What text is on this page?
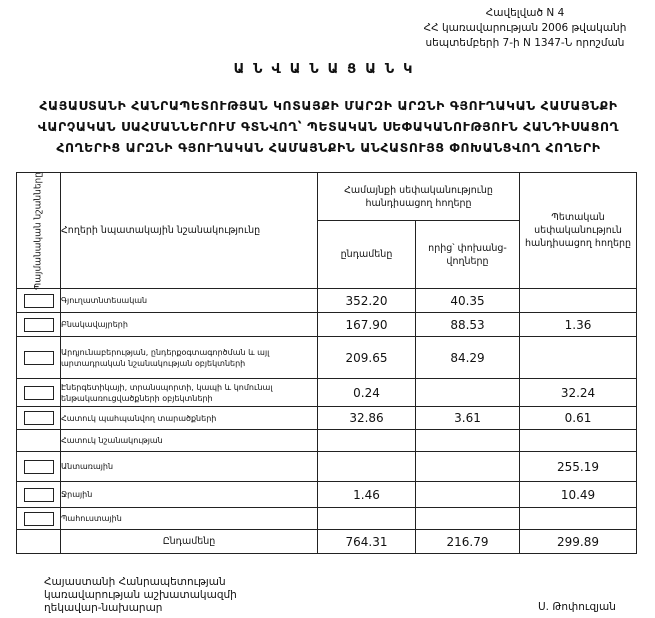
Հավելված N 4
ՀՀ կառավարության 2006 թվականի
սեպտեմբերի 7-ի N 1347-Ն որոշման
ԱՆՎԱՆԱՑԱՆԿ
ՀԱՅԱՍՏԱՆԻ ՀԱՆՐԱՊԵՏՈՒԹՅԱՆ ԿՈՏԱՅՔԻ ՄԱՐԶԻ ԱՐԶՆԻ ԳՅՈՒՂԱԿԱՆ ՀԱՄԱՅՆՔԻ
ՎԱՐՉԱԿԱՆ ՍԱՀՄԱՆՆԵՐՈՒՄ ԳՏՆՎՈՂ՝ ՊԵՏԱԿԱՆ ՍԵՓԱԿԱՆՈՒԹՅՈՒՆ ՀԱՆԴԻՍԱՑՈՂ
ՀՈՂԵՐԻՑ ԱՐԶՆԻ ԳՅՈՒՂԱԿԱՆ ՀԱՄԱՅՆՔԻՆ ԱՆՀԱՏՈՒՅՑ ՓՈԽԱՆՑՎՈՂ ՀՈՂԵՐԻ
Պայմանական նշանները	Հողերի նպատակային նշանակությունը	Համայնքի սեփականությունը հանդիսացող հողերը		Պետական սեփականություն հանդիսացող հողերը
		ընդամենը	որից՝ փոխանց-վողները	

	Գյուղատնտեսական	352.20	40.35	

	Բնակավայրերի	167.90	88.53	1.36

	Արդյունաբերության, ընդերքօգտագործման և այլ արտադրական նշանակության օբյեկտների	209.65	84.29	

	Էներգետիկայի, տրանսպորտի, կապի և կոմունալ ենթակառուցվածքների օբյեկտների	0.24		32.24

	Հատուկ պահպանվող տարածքների	32.86	3.61	0.61
	Հատուկ նշանակության			

	Անտառային			255.19

	Ջրային	1.46		10.49

	Պահուստային			
	Ընդամենը	764.31	216.79	299.89
Հայաստանի Հանրապետության
կառավարության աշխատակազմի
ղեկավար-նախարար	Ս. Թոփուզյան
